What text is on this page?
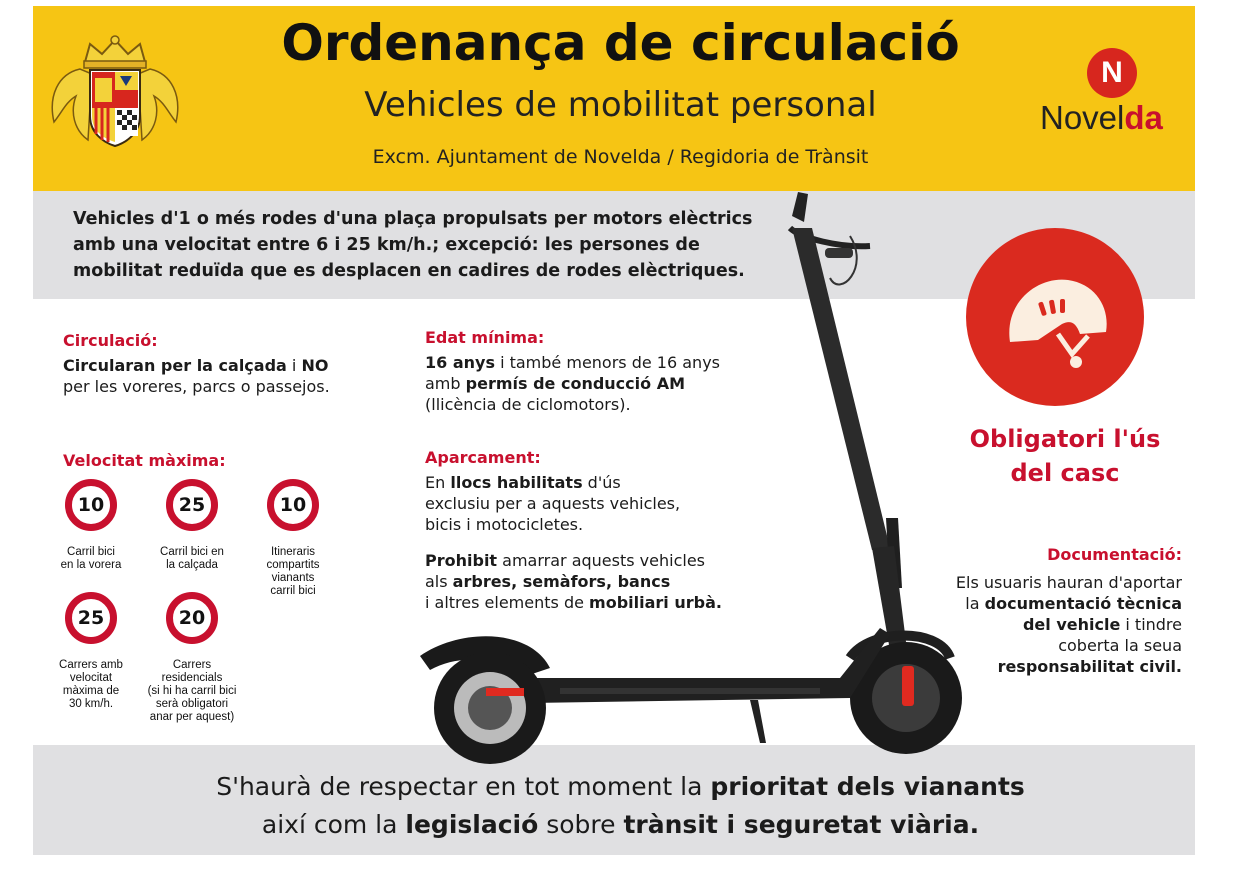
Ordenança de circulació
Vehicles de mobilitat personal
Excm. Ajuntament de Novelda / Regidoria de Trànsit
N
Novelda
Vehicles d'1 o més rodes d'una plaça propulsats per motors elèctrics
amb una velocitat entre 6 i 25 km/h.; excepció: les persones de
mobilitat reduïda que es desplacen en cadires de rodes elèctriques.
Circulació:
Circularan per la calçada i NO
per les voreres, parcs o passejos.
Velocitat màxima:
10
Carril bici
en la vorera
25
Carril bici en
la calçada
10
Itineraris
compartits
vianants
carril bici
25
Carrers amb
velocitat
màxima de
30 km/h.
20
Carrers
residencials
(si hi ha carril bici
serà obligatori
anar per aquest)
Edat mínima:
16 anys i també menors de 16 anys
amb permís de conducció AM
(llicència de ciclomotors).
Aparcament:
En llocs habilitats d'ús
exclusiu per a aquests vehicles,
bicis i motocicletes.
Prohibit amarrar aquests vehicles
als arbres, semàfors, bancs
i altres elements de mobiliari urbà.
Obligatori l'ús
del casc
Documentació:
Els usuaris hauran d'aportar
la documentació tècnica
del vehicle i tindre
coberta la seua
responsabilitat civil.
S'haurà de respectar en tot moment la prioritat dels vianants
així com la legislació sobre trànsit i seguretat viària.
